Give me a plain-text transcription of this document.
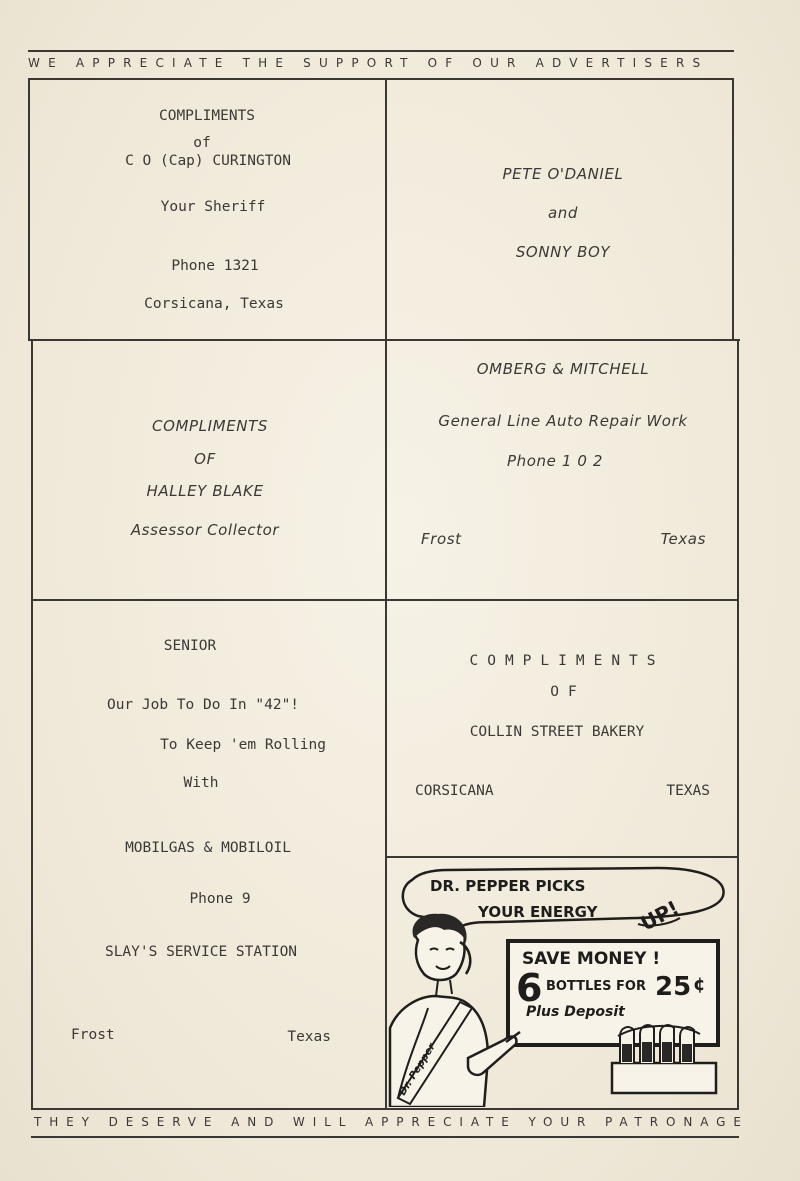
WE APPRECIATE THE SUPPORT OF OUR ADVERTISERS
THEY DESERVE AND WILL APPRECIATE YOUR PATRONAGE
COMPLIMENTS
of
C O (Cap) CURINGTON
Your Sheriff
Phone 1321
Corsicana, Texas
PETE O'DANIEL
and
SONNY BOY
COMPLIMENTS
OF
HALLEY BLAKE
Assessor Collector
OMBERG & MITCHELL
General Line Auto Repair Work
Phone 1 0 2
Frost	Texas
SENIOR
Our Job To Do In "42"!
To Keep 'em Rolling
With
MOBILGAS & MOBILOIL
Phone 9
SLAY'S SERVICE STATION
Frost	Texas
COMPLIMENTS
OF
COLLIN STREET BAKERY
CORSICANA	TEXAS
DR. PEPPER PICKS
YOUR ENERGY UP!
SAVE MONEY !
6 BOTTLES FOR 25 ¢
Plus Deposit
Dr. Pepper
